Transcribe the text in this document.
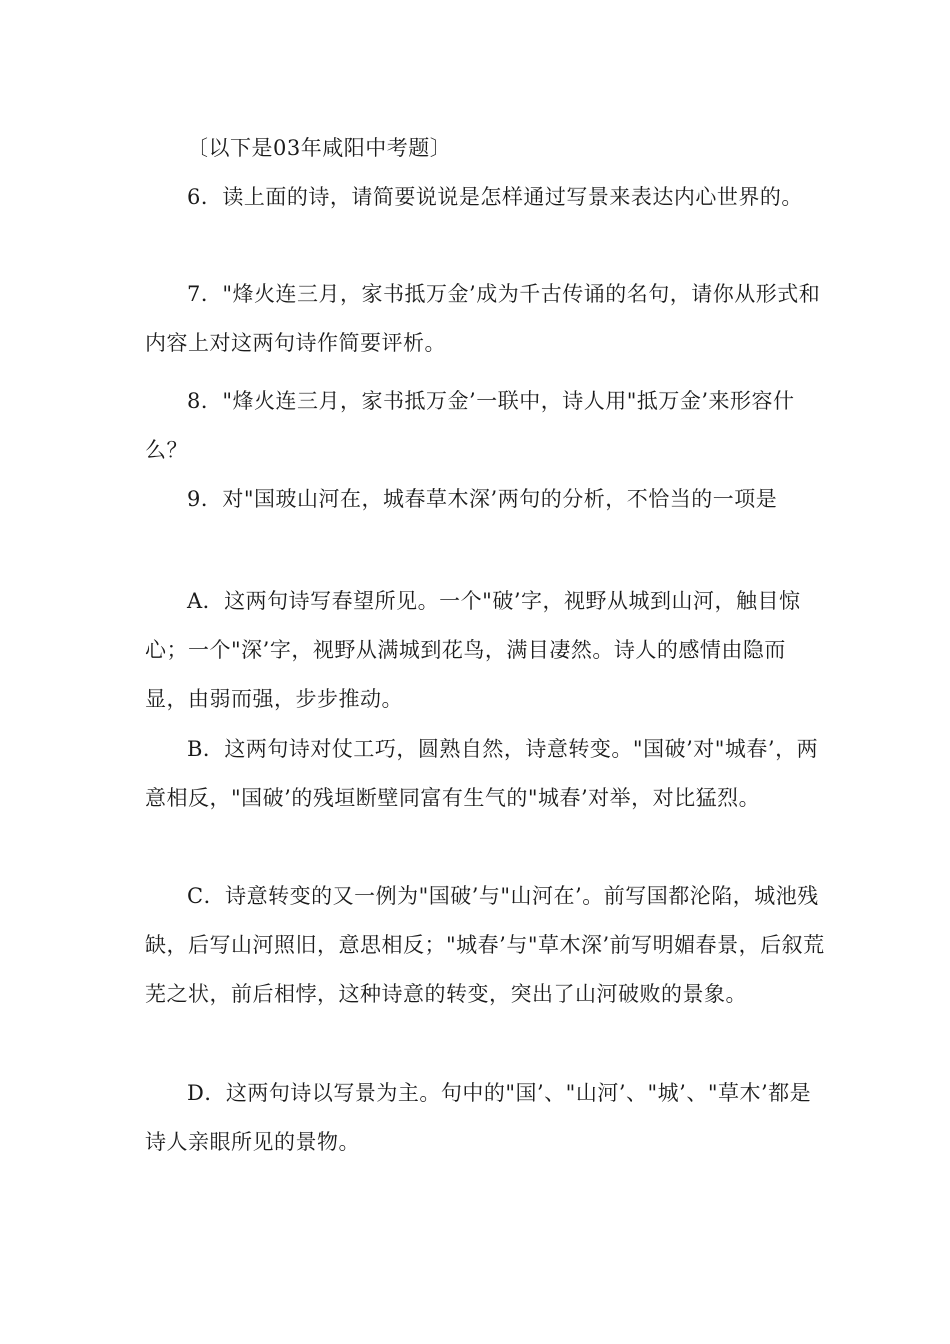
〔以下是03年咸阳中考题〕

6．读上面的诗，请简要说说是怎样通过写景来表达内心世界的。

7．"烽火连三月，家书抵万金’成为千古传诵的名句，请你从形式和内容上对这两句诗作简要评析。

8．"烽火连三月，家书抵万金’一联中，诗人用"抵万金’来形容什么？

9．对"国玻山河在，城春草木深’两句的分析，不恰当的一项是

A．这两句诗写春望所见。一个"破’字，视野从城到山河，触目惊心；一个"深’字，视野从满城到花鸟，满目凄然。诗人的感情由隐而显，由弱而强，步步推动。

B．这两句诗对仗工巧，圆熟自然，诗意转变。"国破’对"城春’，两意相反，"国破’的残垣断壁同富有生气的"城春’对举，对比猛烈。

C．诗意转变的又一例为"国破’与"山河在’。前写国都沦陷，城池残缺，后写山河照旧，意思相反；"城春’与"草木深’前写明媚春景，后叙荒芜之状，前后相悖，这种诗意的转变，突出了山河破败的景象。

D．这两句诗以写景为主。句中的"国’、"山河’、"城’、"草木’都是诗人亲眼所见的景物。
